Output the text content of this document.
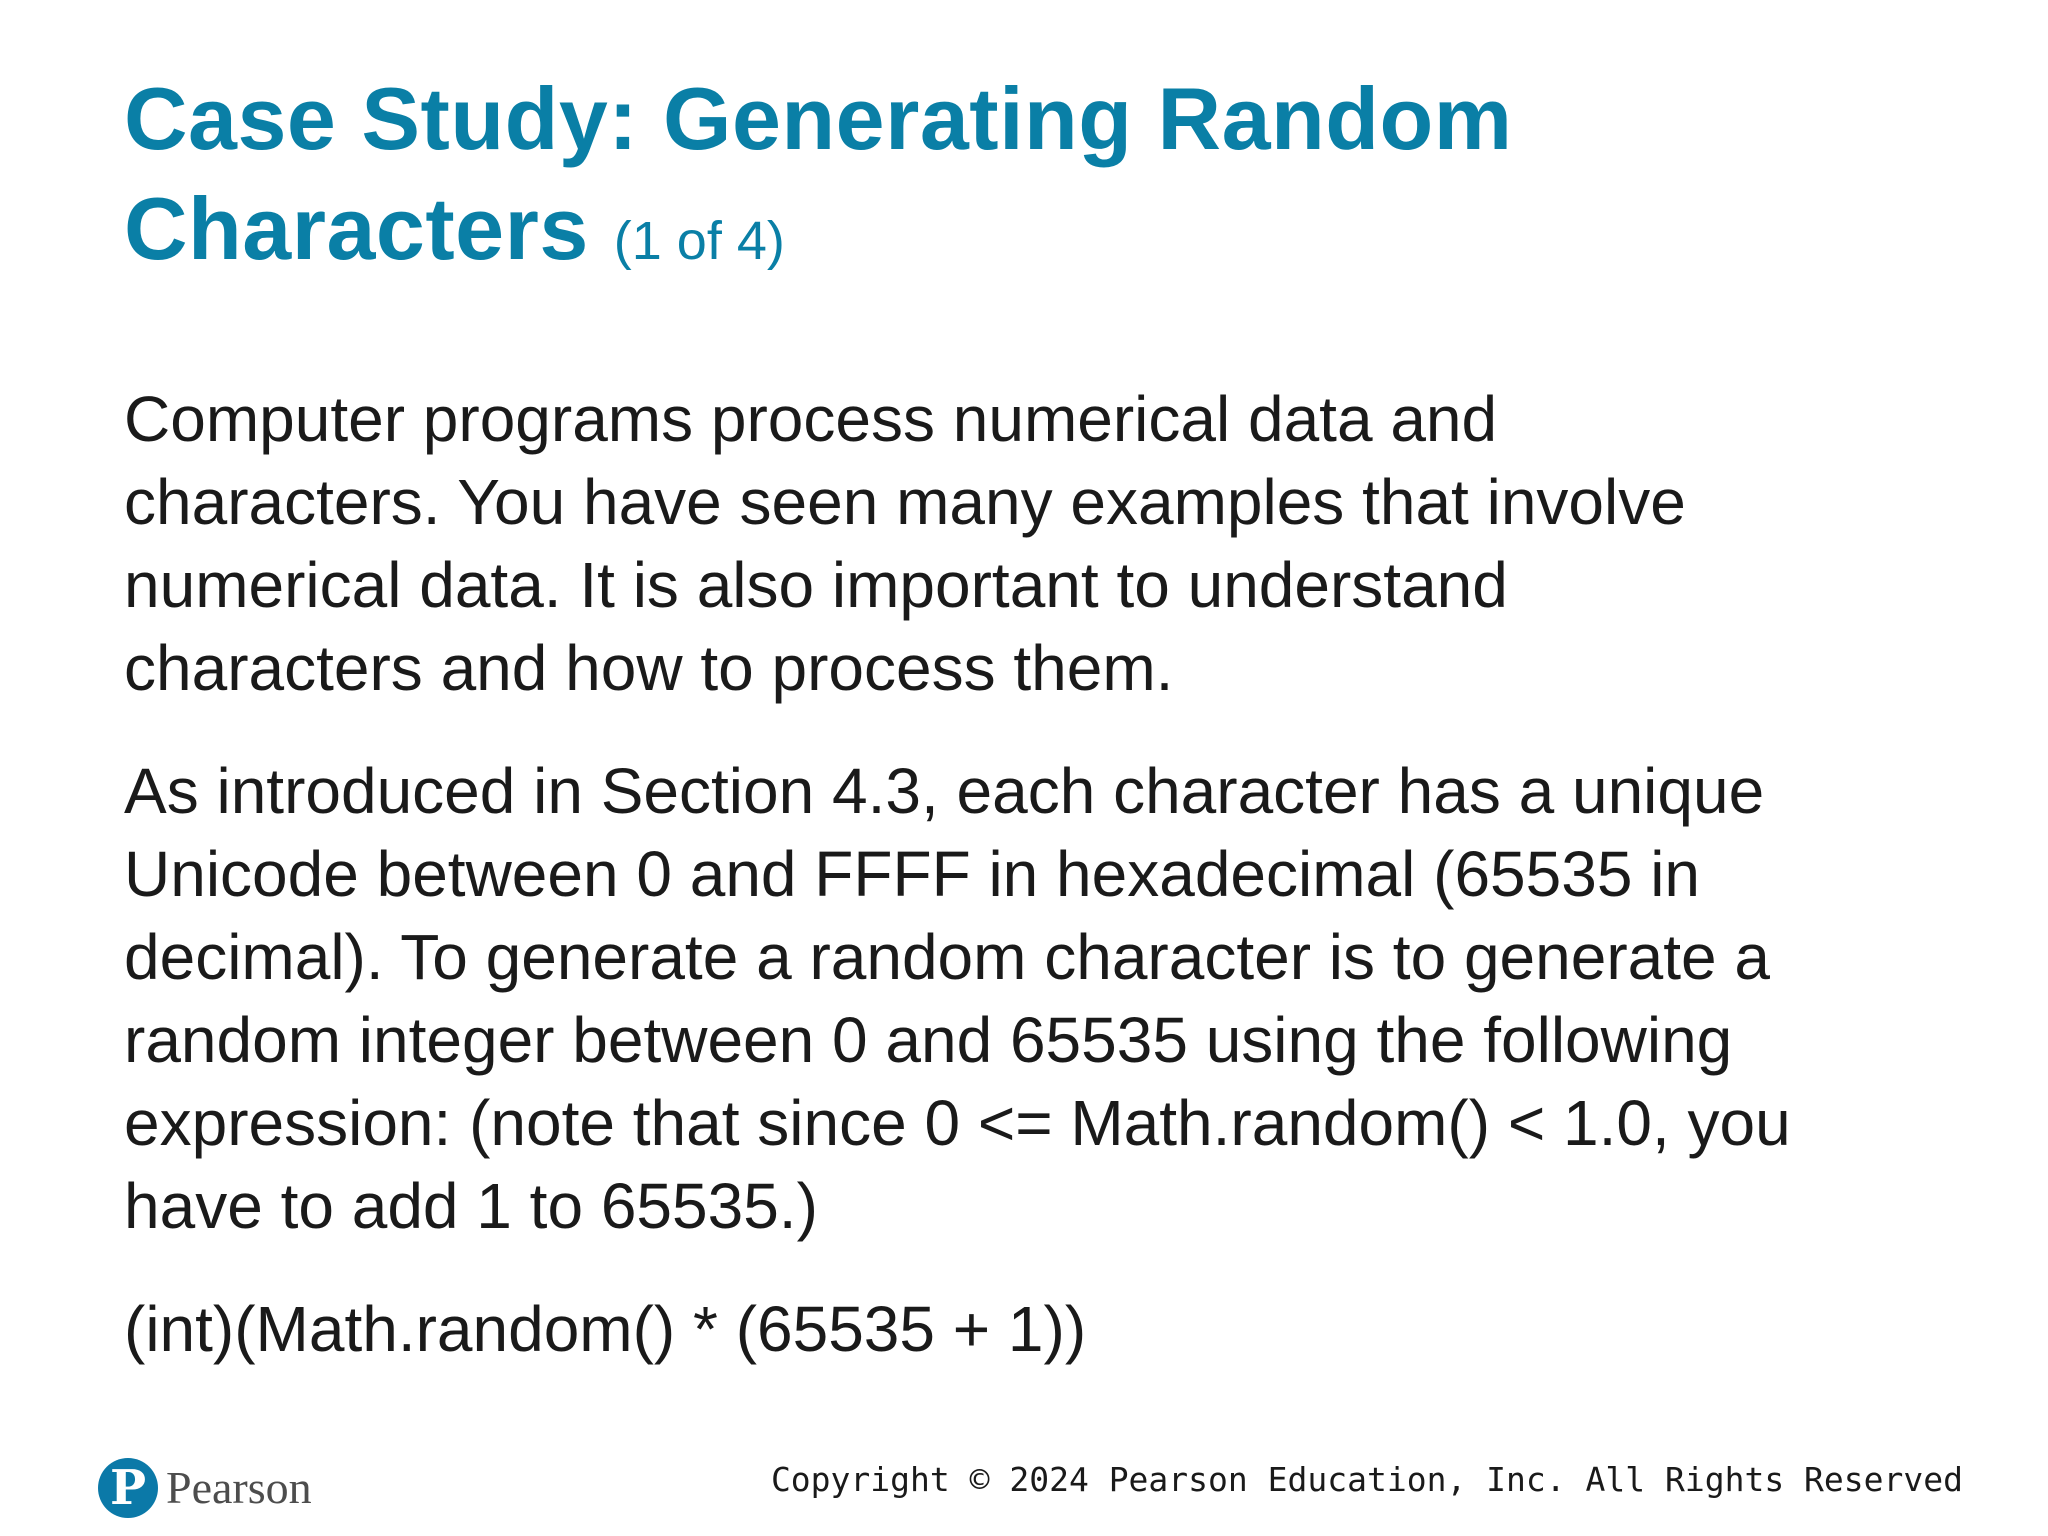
Case Study: Generating Random
Characters (1 of 4)

Computer programs process numerical data and
characters. You have seen many examples that involve
numerical data. It is also important to understand
characters and how to process them.

As introduced in Section 4.3, each character has a unique
Unicode between 0 and FFFF in hexadecimal (65535 in
decimal). To generate a random character is to generate a
random integer between 0 and 65535 using the following
expression: (note that since 0 <= Math.random() < 1.0, you
have to add 1 to 65535.)

(int)(Math.random() * (65535 + 1))

P Pearson	Copyright © 2024 Pearson Education, Inc. All Rights Reserved
